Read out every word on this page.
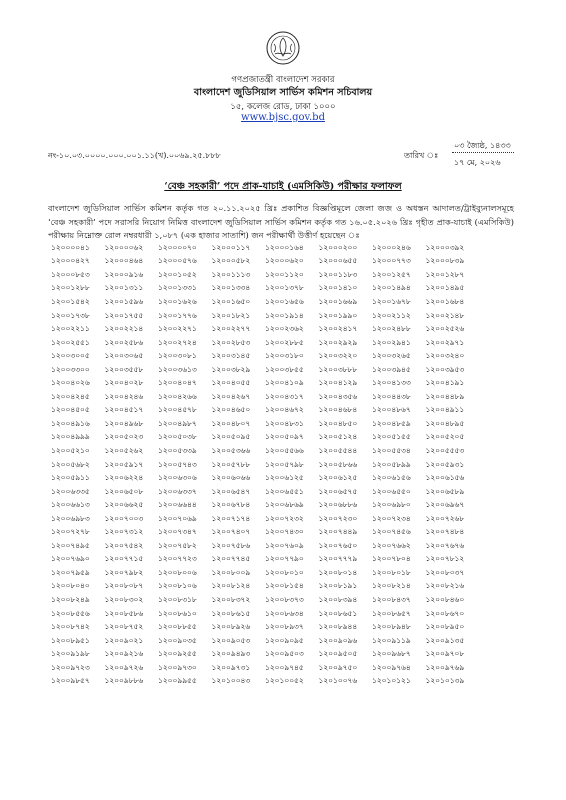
গণপ্রজাতন্ত্রী বাংলাদেশ সরকার
বাংলাদেশ জুডিসিয়াল সার্ভিস কমিশন সচিবালয়
১৫, কলেজ রোড, ঢাকা ১০০০
www.bjsc.gov.bd
নং-১০.০৩.০০০০.০০০.০০১.১১(খ).০০৬৯.২৫.৮৮৮	তারিখ ঃ
০৩ জ্যৈষ্ঠ, ১৪৩৩
১৭ মে, ২০২৬
‘বেঞ্চ সহকারী’ পদে প্রাক-যাচাই (এমসিকিউ) পরীক্ষার ফলাফল
বাংলাদেশ জুডিসিয়াল সার্ভিস কমিশন কর্তৃক গত ২০.১১.২০২৫ খ্রিঃ প্রকাশিত বিজ্ঞপ্তিমূলে জেলা জজ ও অধস্তন আদালত/ট্রাইব্যুনালসমূহে ‘বেঞ্চ সহকারী’ পদে সরাসরি নিয়োগ নিমিত্ত বাংলাদেশ জুডিসিয়াল সার্ভিস কমিশন কর্তৃক গত ১৬.০৫.২০২৬ খ্রিঃ গৃহীত প্রাক-যাচাই (এমসিকিউ) পরীক্ষায় নিম্নোক্ত রোল নম্বরধারী ১,০৮৭ (এক হাজার সাতাশি) জন পরীক্ষার্থী উত্তীর্ণ হয়েছেন ঃ
১২০০০০৪১	১২০০০০৬২	১২০০০০৭০	১২০০০১১৭	১২০০০১৬৪	১২০০০২০০	১২০০০২৪৬	১২০০০৩৯২
১২০০০৪২৭	১২০০০৪৬৪	১২০০০৫৭৬	১২০০০৫৮২	১২০০০৬২০	১২০০০৬৫৫	১২০০০৭৭৩	১২০০০৮৩৯
১২০০০৮৫৩	১২০০০৯১৬	১২০০১০৫২	১২০০১১১৩	১২০০১১২০	১২০০১১৮৩	১২০০১২৫৭	১২০০১২৮৭
১২০০১২৮৮	১২০০১৩১১	১২০০১৩৩১	১২০০১৩৩৪	১২০০১৩৭৮	১২০০১৪১০	১২০০১৪৯৪	১২০০১৪৯৫
১২০০১৫৪২	১২০০১৫৯৬	১২০০১৬২৬	১২০০১৬৫০	১২০০১৬৫৬	১২০০১৬৬৯	১২০০১৬৭৮	১২০০১৬৮৪
১২০০১৭৩৮	১২০০১৭৫৫	১২০০১৭৭৬	১২০০১৮২১	১২০০১৯১৪	১২০০১৯৯০	১২০০২১১২	১২০০২১৪৮
১২০০২২১১	১২০০২২১৪	১২০০২২৭১	১২০০২২৭৭	১২০০২৩৬২	১২০০২৪১৭	১২০০২৪৮৮	১২০০২৫২৬
১২০০২৫৫১	১২০০২৫৮৬	১২০০২৭২৪	১২০০২৮৫৩	১২০০২৮৮৫	১২০০২৯২৯	১২০০২৯৪১	১২০০২৯৭১
১২০০৩০০৫	১২০০৩০৬৫	১২০০৩০৮১	১২০০৩১৪৫	১২০০৩১৮০	১২০০৩২২০	১২০০৩২৬৫	১২০০৩২৪০
১২০০৩৩০০	১২০০৩৫৫৮	১২০০৩৬১৩	১২০০৩৮২৯	১২০০৩৮৫৫	১২০০৩৮৮৮	১২০০৩৯৪৫	১২০০৩৯৫৩
১২০০৪০২৬	১২০০৪০২৮	১২০০৪০৪৭	১২০০৪০৫৫	১২০০৪১০৯	১২০০৪১২৯	১২০০৪১৩৩	১২০০৪১৯১
১২০০৪২৪৫	১২০০৪২৪৬	১২০০৪২৬৬	১২০০৪২৬৭	১২০০৪৩১৭	১২০০৪৩৫৬	১২০০৪৪৩৮	১২০০৪৪৮৯
১২০০৪৫০৫	১২০০৪৫১৭	১২০০৪৫৭৮	১২০০৪৬৫০	১২০০৪৬৭২	১২০০৪৬৮৪	১২০০৪৮৬৭	১২০০৪৯১১
১২০০৪৯১৬	১২০০৪৯৬৮	১২০০৪৯৮৭	১২০০৪৮০৭	১২০০৪৮৩১	১২০০৪৮৫০	১২০০৪৮৫৯	১২০০৪৮৯৫
১২০০৪৯৯৯	১২০০৫০২৩	১২০০৫০৩৮	১২০০৫০৯৫	১২০০৫০৯৭	১২০০৫১২৪	১২০০৫১৫৫	১২০০৫২০৫
১২০০৫২১০	১২০০৫২৬২	১২০০৫৩৩৯	১২০০৫৩৬৬	১২০০৫৫৬৬	১২০০৫৫৪৪	১২০০৫৫৩৪	১২০০৫৫৫৩
১২০০৫৬৮২	১২০০৫৯১৭	১২০০৫৭৪৩	১২০০৫৭৮৮	১২০০৫৭৯৮	১২০০৫৮৬৬	১২০০৫৮৯৯	১২০০৫৯৩১
১২০০৫৯১১	১২০০৬২২৪	১২০০৬৩০৬	১২০০৬০৬৬	১২০০৬১২৫	১২০০৬১২৫	১২০০৬১৫৬	১২০০৬১৫৬
১২০০৬৩৩৫	১২০০৬৫০৮	১২০০৬৩৩৭	১২০০৬৫৪৭	১২০০৬৫৫১	১২০০৬৫৭৫	১২০০৬৫৫০	১২০০৬৫৮৯
১২০০৬৬১৩	১২০০৬৬২৫	১২০০৬৬৪৪	১২০০৬৭৮৪	১২০০৬৮৬৯	১২০০৬৮৮৬	১২০০৬৯৮০	১২০০৬৯৬৭
১২০০৬৯৮৩	১২০০৭০০৩	১২০০৭০৬৯	১২০০৭১৭৪	১২০০৭২৩২	১২০০৭২৩০	১২০০৭২৩৪	১২০০৭২৬৮
১২০০৭২৭৮	১২০০৭৩১২	১২০০৭৩৪৭	১২০০৭৪০৭	১২০০৭৪৩০	১২০০৭৪৪৯	১২০০৭৪৫৬	১২০০৭৪৮৪
১২০০৭৪৯৫	১২০০৭৫৪২	১২০০৭৫৮২	১২০০৭৫৮৬	১২০০৭৬০৯	১২০০৭৬৫০	১২০০৭৬৬২	১২০০৭৬৭৬
১২০০৭৬৯০	১২০০৭৭১৫	১২০০৭৭২৩	১২০০৭৭৪৫	১২০০৭৭৯০	১২০০৭৭৭৯	১২০০৭৮০৪	১২০০৭৮১২
১২০০৭৯৫৯	১২০০৭৯৮২	১২০০৮০০৬	১২০০৮০০৯	১২০০৮০১০	১২০০৮০১৪	১২০০৮০১৮	১২০০৮০৩৭
১২০০৮০৪০	১২০০৮০৮৭	১২০০৮১০৬	১২০০৮১২৪	১২০০৮১৫৪	১২০০৮১৯১	১২০০৮২১৪	১২০০৮২১৬
১২০০৮২৪৯	১২০০৮৩০২	১২০০৮৩১৮	১২০০৮৩৭২	১২০০৮৩৭৩	১২০০৮৩৯৪	১২০০৮৪৩৭	১২০০৮৪৬০
১২০০৮৫৫৬	১২০০৮৫৮৬	১২০০৮৬১০	১২০০৮৬১৫	১২০০৮৬৩৪	১২০০৮৬৫১	১২০০৮৬৫৭	১২০০৮৬৭০
১২০০৮৭৪২	১২০০৮৭৫২	১২০০৮৮৫৫	১২০০৮৯২৬	১২০০৮৯৩৭	১২০০৮৯৪৪	১২০০৮৯৪৮	১২০০৮৯৫০
১২০০৮৯৫১	১২০০৯০২১	১২০০৯০৩৫	১২০০৯০৫৩	১২০০৯০৯৫	১২০০৯০৯৬	১২০০৯১১৯	১২০০৯১৩৫
১২০০৯১৯৮	১২০০৯২১৬	১২০০৯২৫৫	১২০০৯৪৯৩	১২০০৯৫০৩	১২০০৯৫০৫	১২০০৯৬৮৭	১২০০৯৭০৮
১২০০৯৭২৩	১২০০৯৭২৬	১২০০৯৭৩০	১২০০৯৭৩১	১২০০৯৭৪৫	১২০০৯৭৫০	১২০০৯৭৬৪	১২০০৯৭৬৯
১২০০৯৮৫৭	১২০০৯৮৮৬	১২০০৯৯৫৫	১২০১০০৪৩	১২০১০০৫২	১২০১০০৭৬	১২০১০১২১	১২০১০১৩৯
